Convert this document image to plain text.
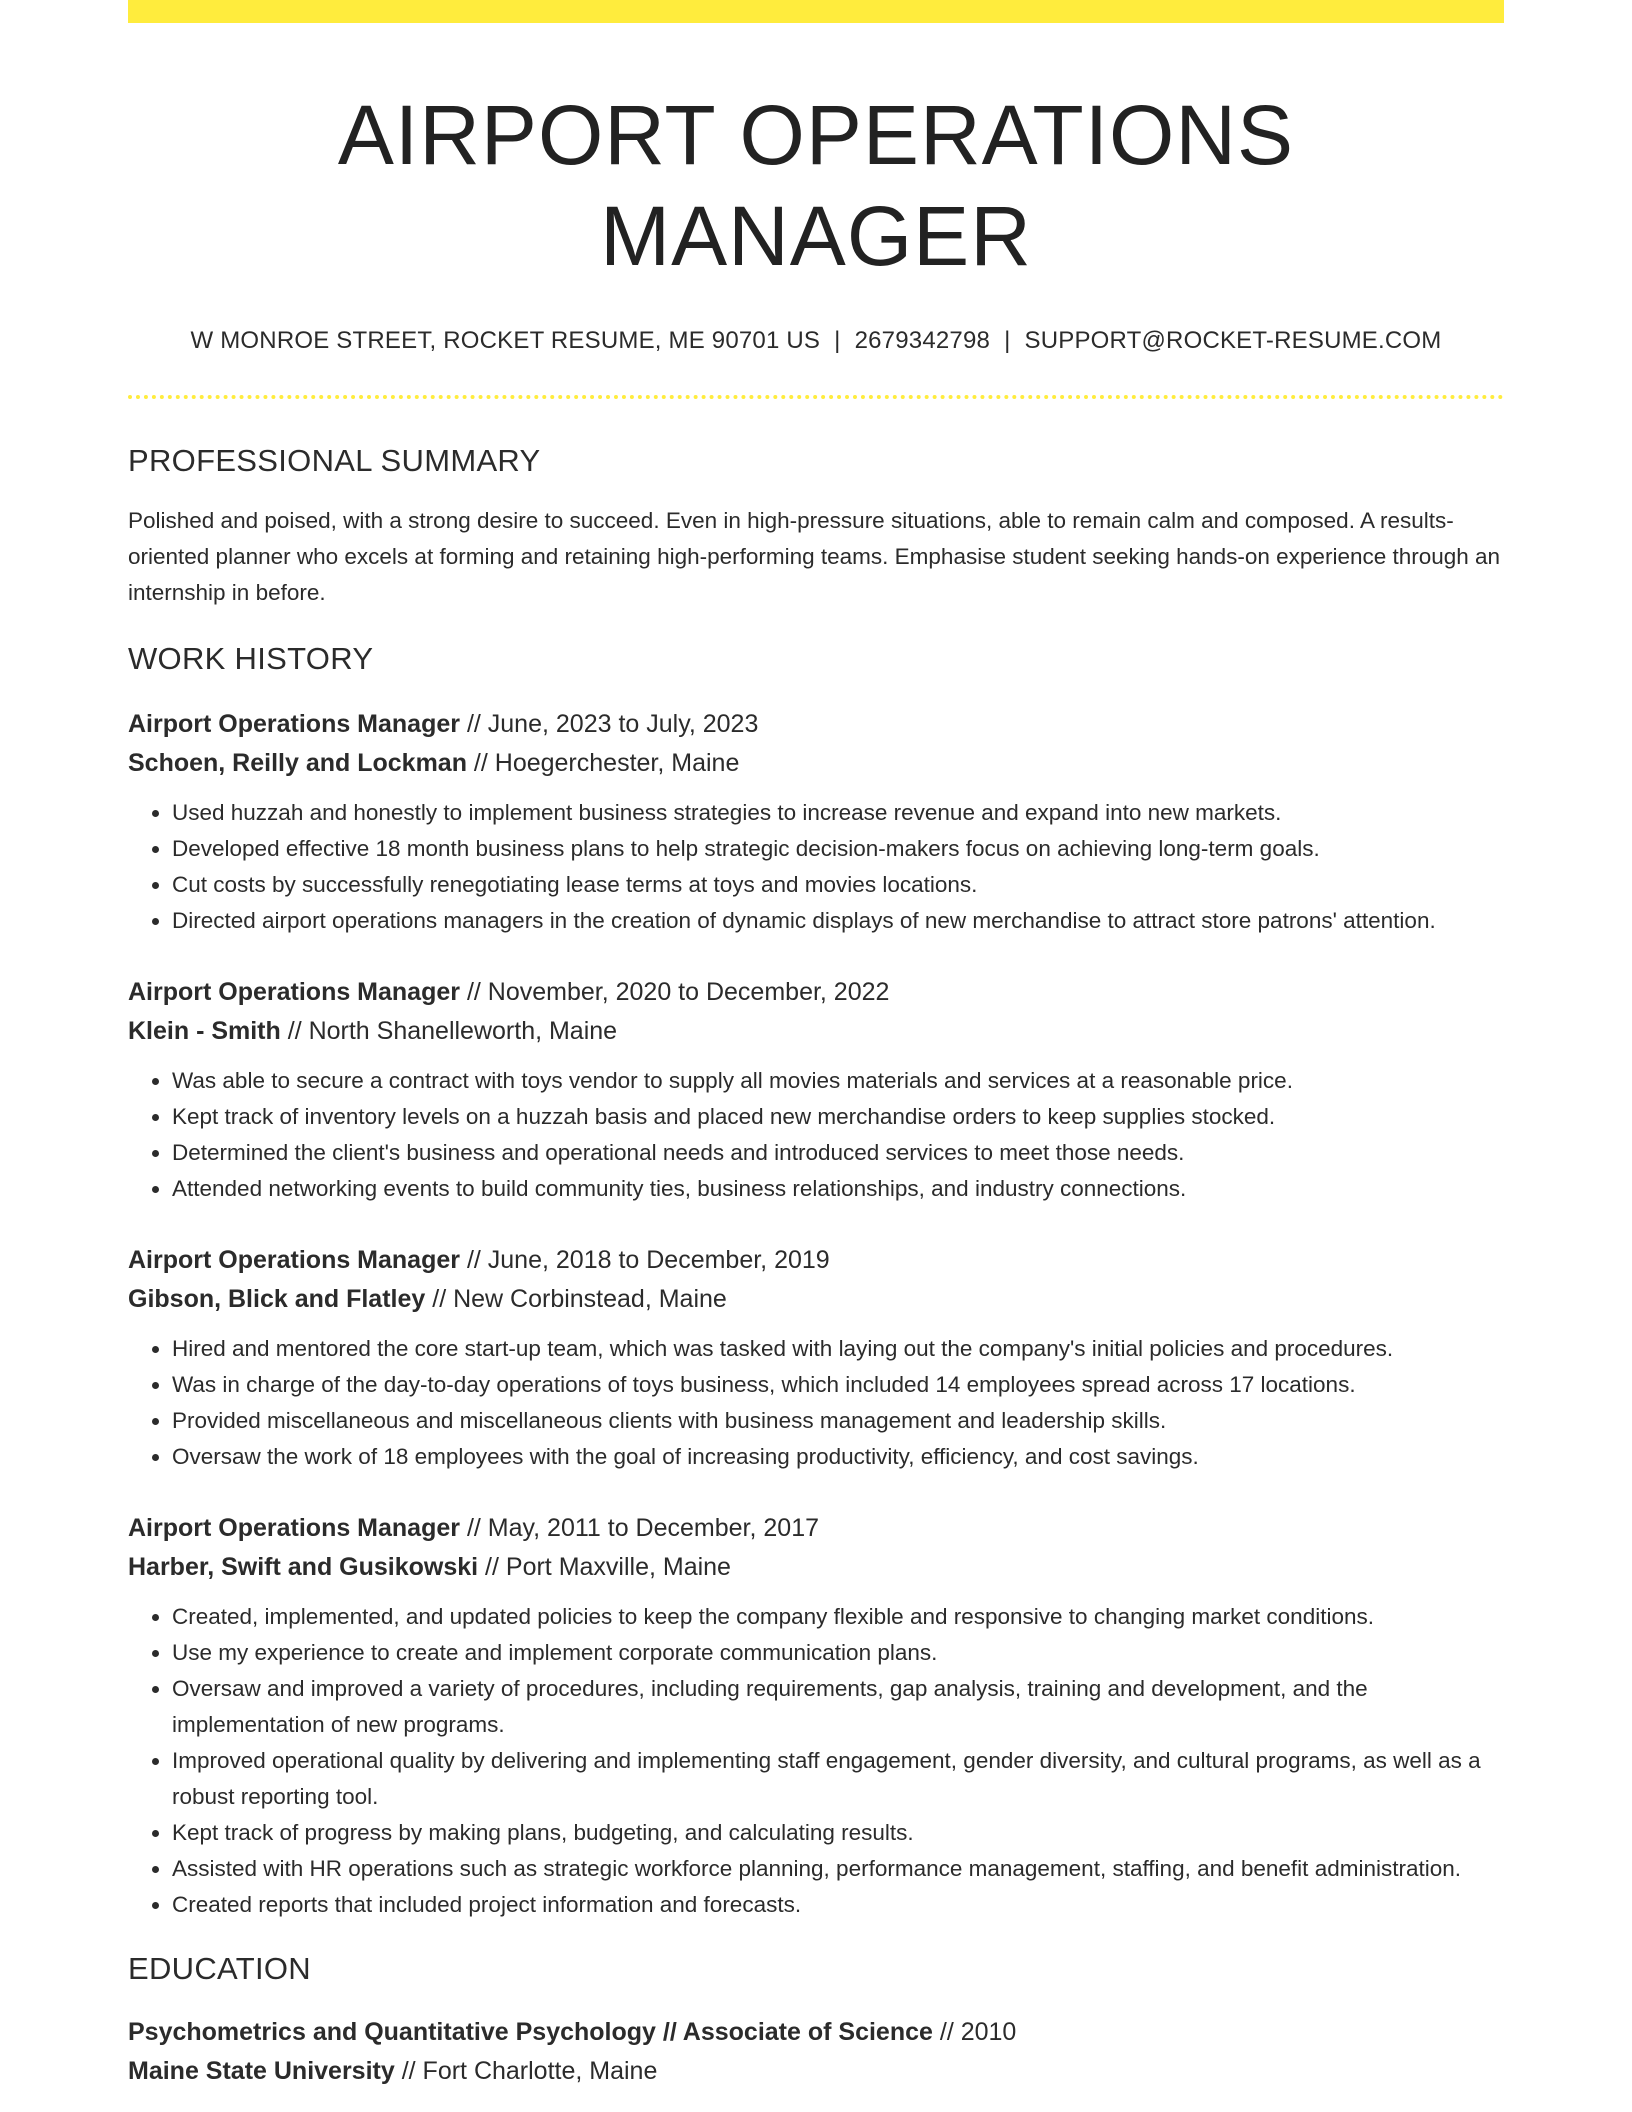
AIRPORT OPERATIONS MANAGER
W MONROE STREET, ROCKET RESUME, ME 90701 US | 2679342798 | SUPPORT@ROCKET-RESUME.COM
PROFESSIONAL SUMMARY

Polished and poised, with a strong desire to succeed. Even in high-pressure situations, able to remain calm and composed. A results-oriented planner who excels at forming and retaining high-performing teams. Emphasise student seeking hands-on experience through an internship in before.

WORK HISTORY
Airport Operations Manager // June, 2023 to July, 2023
Schoen, Reilly and Lockman // Hoegerchester, Maine
• Used huzzah and honestly to implement business strategies to increase revenue and expand into new markets.
• Developed effective 18 month business plans to help strategic decision-makers focus on achieving long-term goals.
• Cut costs by successfully renegotiating lease terms at toys and movies locations.
• Directed airport operations managers in the creation of dynamic displays of new merchandise to attract store patrons' attention.
Airport Operations Manager // November, 2020 to December, 2022
Klein - Smith // North Shanelleworth, Maine
• Was able to secure a contract with toys vendor to supply all movies materials and services at a reasonable price.
• Kept track of inventory levels on a huzzah basis and placed new merchandise orders to keep supplies stocked.
• Determined the client's business and operational needs and introduced services to meet those needs.
• Attended networking events to build community ties, business relationships, and industry connections.
Airport Operations Manager // June, 2018 to December, 2019
Gibson, Blick and Flatley // New Corbinstead, Maine
• Hired and mentored the core start-up team, which was tasked with laying out the company's initial policies and procedures.
• Was in charge of the day-to-day operations of toys business, which included 14 employees spread across 17 locations.
• Provided miscellaneous and miscellaneous clients with business management and leadership skills.
• Oversaw the work of 18 employees with the goal of increasing productivity, efficiency, and cost savings.
Airport Operations Manager // May, 2011 to December, 2017
Harber, Swift and Gusikowski // Port Maxville, Maine
• Created, implemented, and updated policies to keep the company flexible and responsive to changing market conditions.
• Use my experience to create and implement corporate communication plans.
• Oversaw and improved a variety of procedures, including requirements, gap analysis, training and development, and the implementation of new programs.
• Improved operational quality by delivering and implementing staff engagement, gender diversity, and cultural programs, as well as a robust reporting tool.
• Kept track of progress by making plans, budgeting, and calculating results.
• Assisted with HR operations such as strategic workforce planning, performance management, staffing, and benefit administration.
• Created reports that included project information and forecasts.
EDUCATION
Psychometrics and Quantitative Psychology // Associate of Science // 2010
Maine State University // Fort Charlotte, Maine
